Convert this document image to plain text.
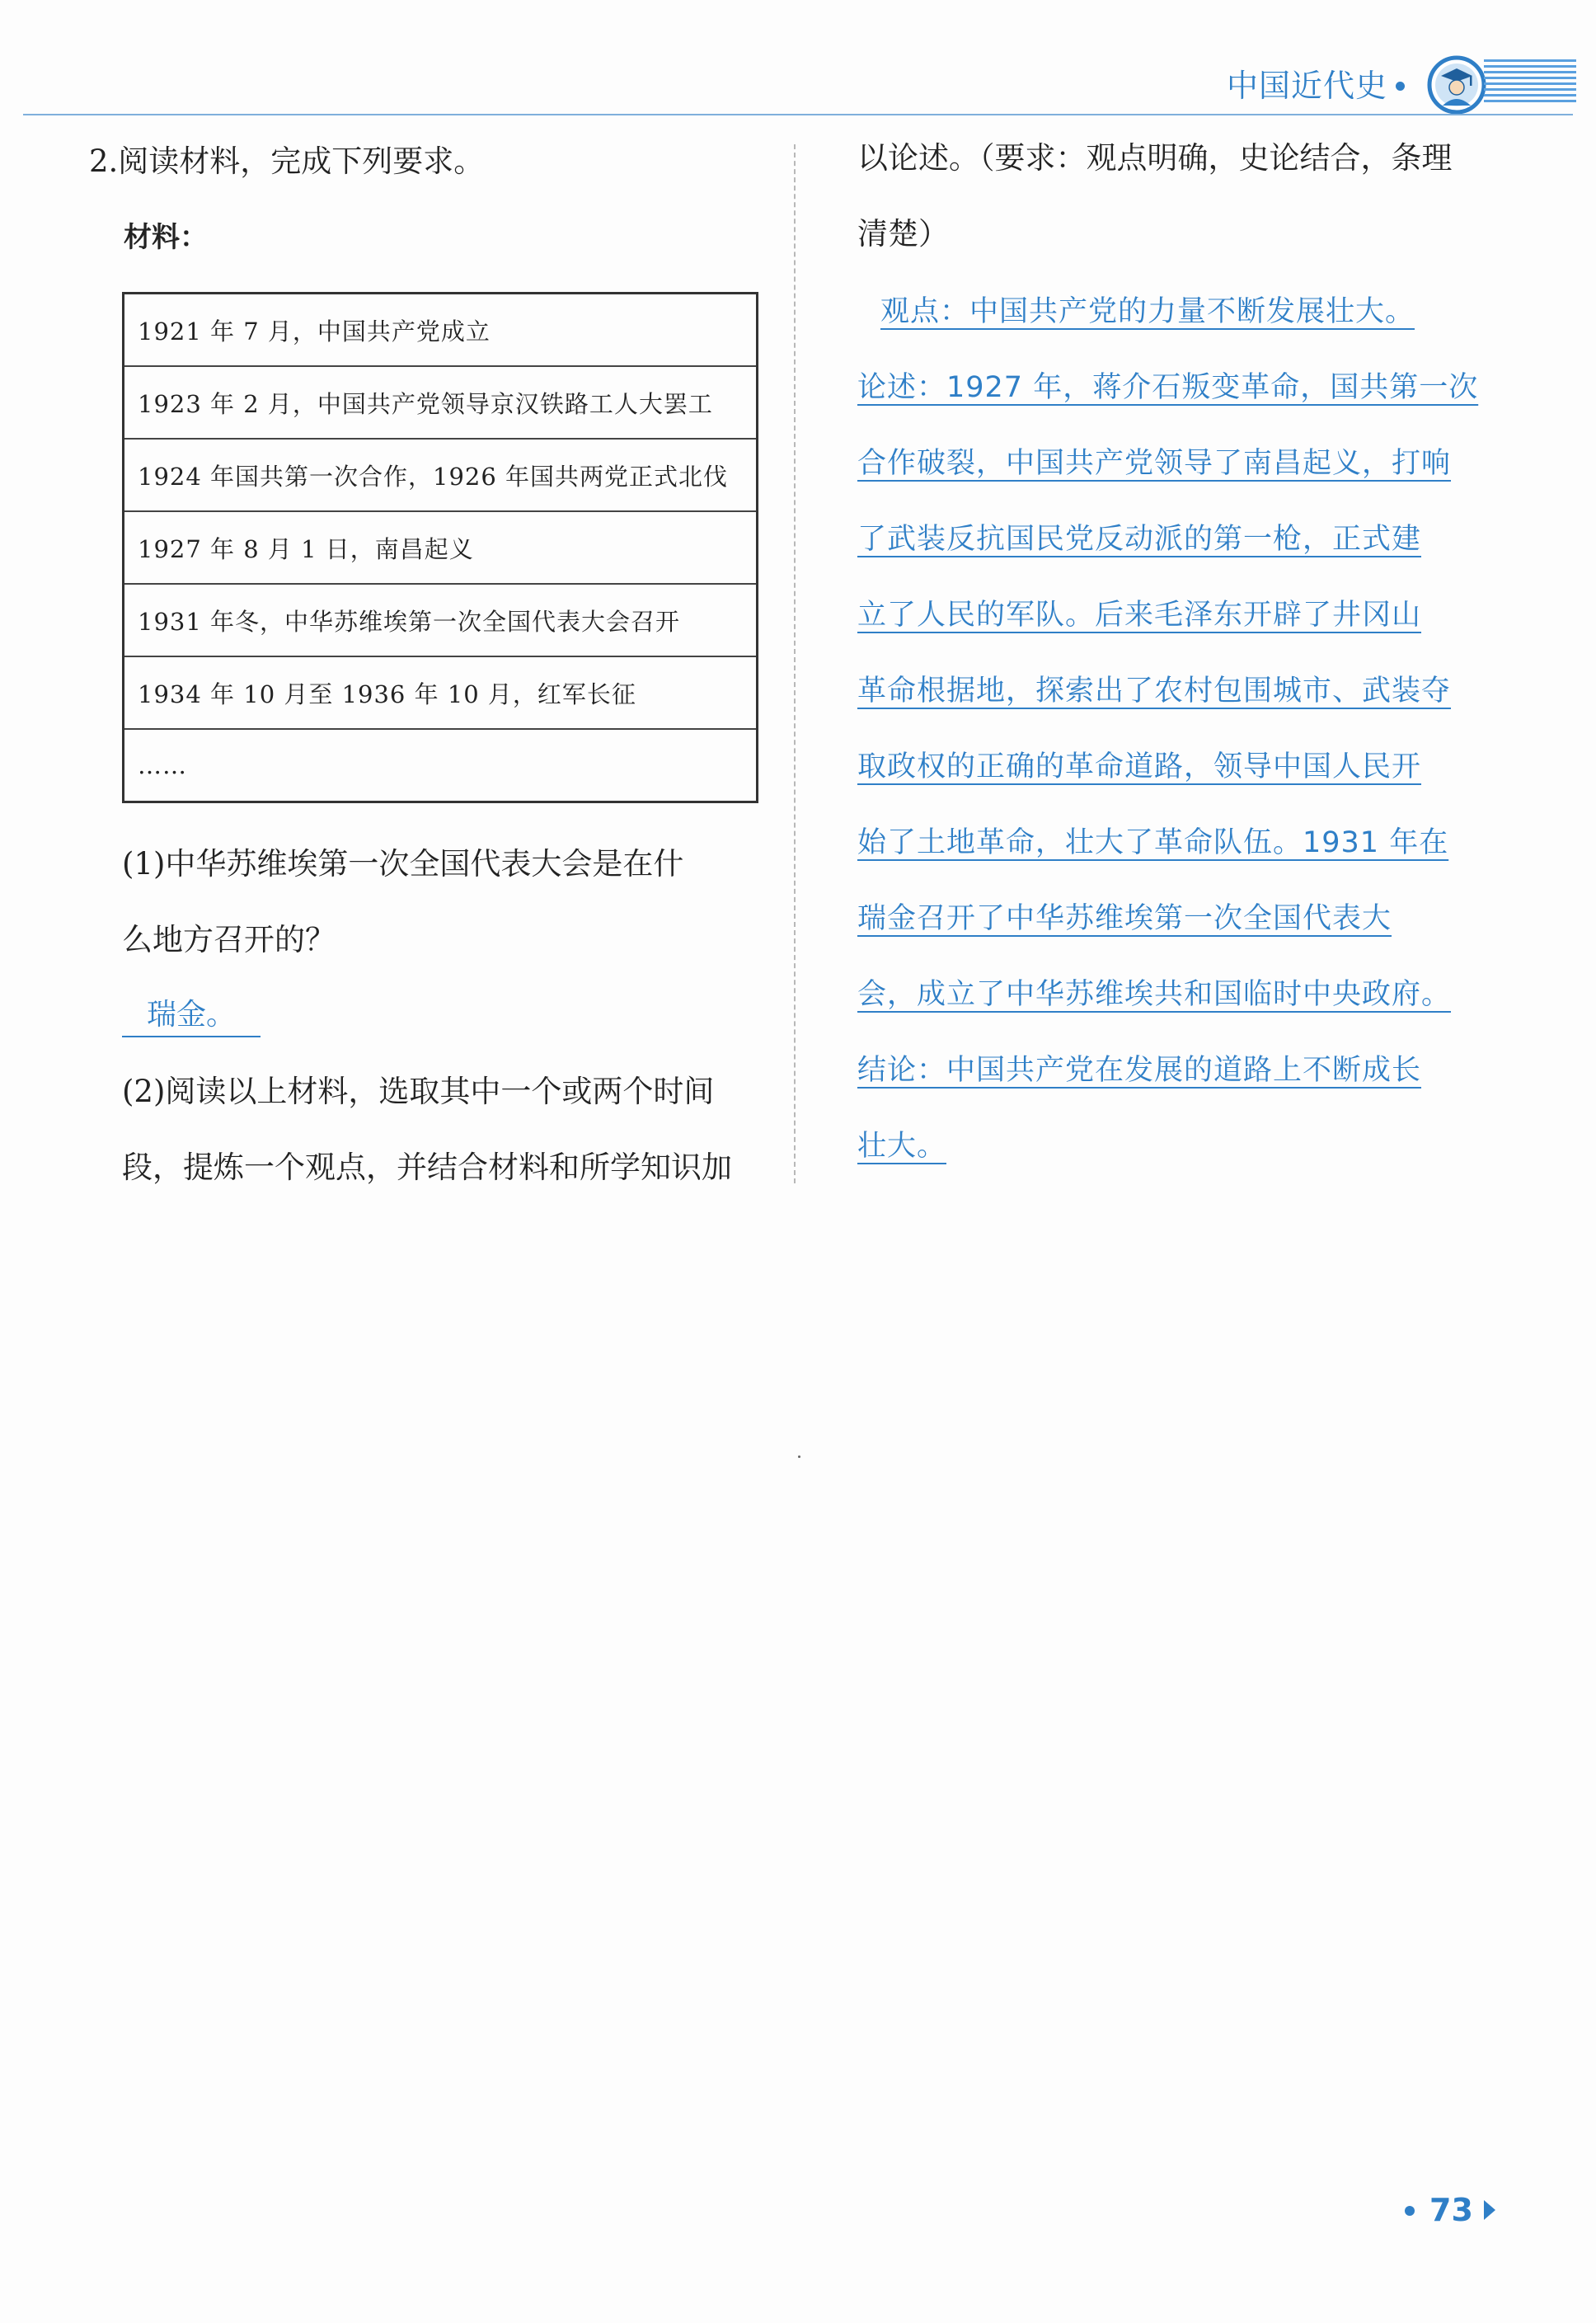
中国近代史
2.阅读材料，完成下列要求。
材料：
1921 年 7 月，中国共产党成立
1923 年 2 月，中国共产党领导京汉铁路工人大罢工
1924 年国共第一次合作，1926 年国共两党正式北伐
1927 年 8 月 1 日，南昌起义
1931 年冬，中华苏维埃第一次全国代表大会召开
1934 年 10 月至 1936 年 10 月，红军长征
……
(1)中华苏维埃第一次全国代表大会是在什
么地方召开的？
瑞金。
(2)阅读以上材料，选取其中一个或两个时间
段，提炼一个观点，并结合材料和所学知识加
以论述。（要求：观点明确，史论结合，条理
清楚）
观点：中国共产党的力量不断发展壮大。
论述：1927 年，蒋介石叛变革命，国共第一次
合作破裂，中国共产党领导了南昌起义，打响
了武装反抗国民党反动派的第一枪，正式建
立了人民的军队。后来毛泽东开辟了井冈山
革命根据地，探索出了农村包围城市、武装夺
取政权的正确的革命道路，领导中国人民开
始了土地革命，壮大了革命队伍。1931 年在
瑞金召开了中华苏维埃第一次全国代表大
会，成立了中华苏维埃共和国临时中央政府。
结论：中国共产党在发展的道路上不断成长
壮大。
73
